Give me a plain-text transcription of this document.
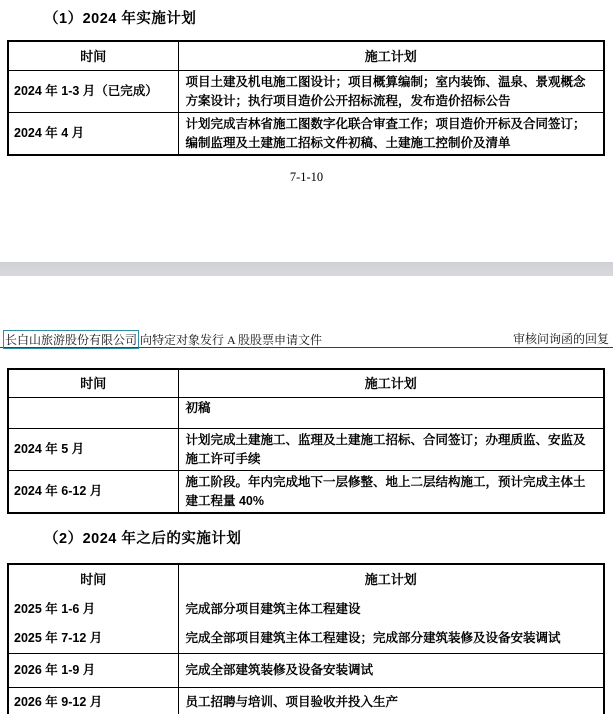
（1）2024 年实施计划
时间	施工计划
2024 年 1-3 月（已完成）	项目土建及机电施工图设计；项目概算编制；室内装饰、温泉、景观概念方案设计；执行项目造价公开招标流程，发布造价招标公告
2024 年 4 月	计划完成吉林省施工图数字化联合审查工作；项目造价开标及合同签订；编制监理及土建施工招标文件初稿、土建施工控制价及清单
7-1-10
长白山旅游股份有限公司 向特定对象发行 A 股股票申请文件	审核问询函的回复
时间	施工计划
	初稿
2024 年 5 月	计划完成土建施工、监理及土建施工招标、合同签订；办理质监、安监及施工许可手续
2024 年 6-12 月	施工阶段。年内完成地下一层修整、地上二层结构施工，预计完成主体土建工程量 40%
（2）2024 年之后的实施计划
时间	施工计划
2025 年 1-6 月	完成部分项目建筑主体工程建设
2025 年 7-12 月	完成全部项目建筑主体工程建设；完成部分建筑装修及设备安装调试
2026 年 1-9 月	完成全部建筑装修及设备安装调试
2026 年 9-12 月	员工招聘与培训、项目验收并投入生产
